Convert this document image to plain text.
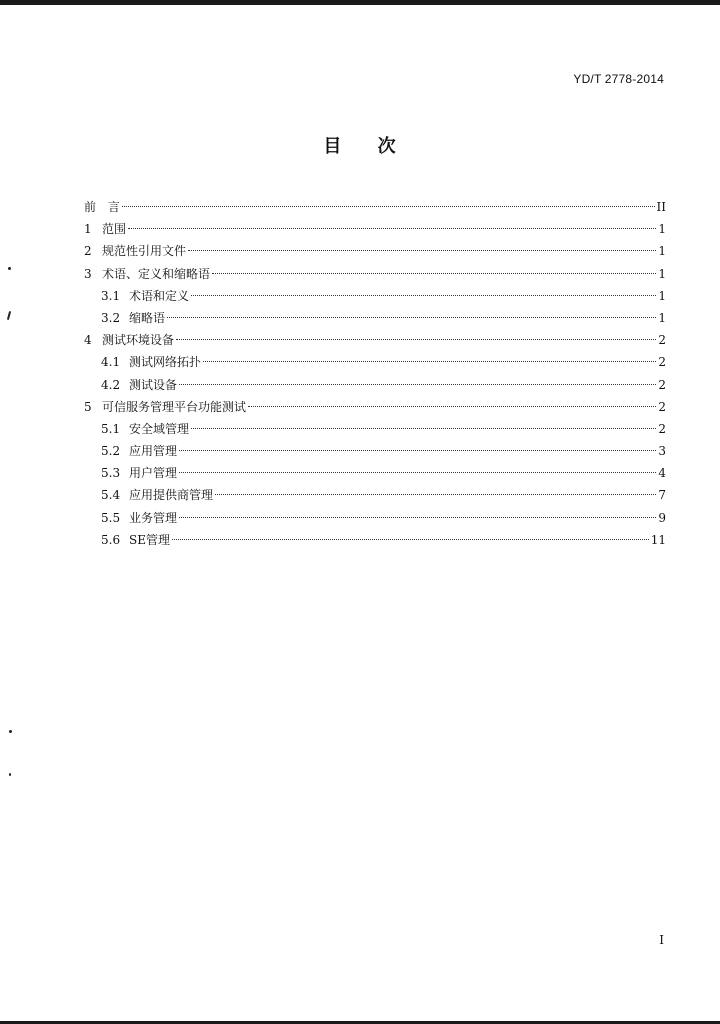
YD/T 2778-2014
目 次
前 言	II
1 范围	1
2 规范性引用文件	1
3 术语、定义和缩略语	1
3.1 术语和定义	1
3.2 缩略语	1
4 测试环境设备	2
4.1 测试网络拓扑	2
4.2 测试设备	2
5 可信服务管理平台功能测试	2
5.1 安全域管理	2
5.2 应用管理	3
5.3 用户管理	4
5.4 应用提供商管理	7
5.5 业务管理	9
5.6 SE管理	11
I
